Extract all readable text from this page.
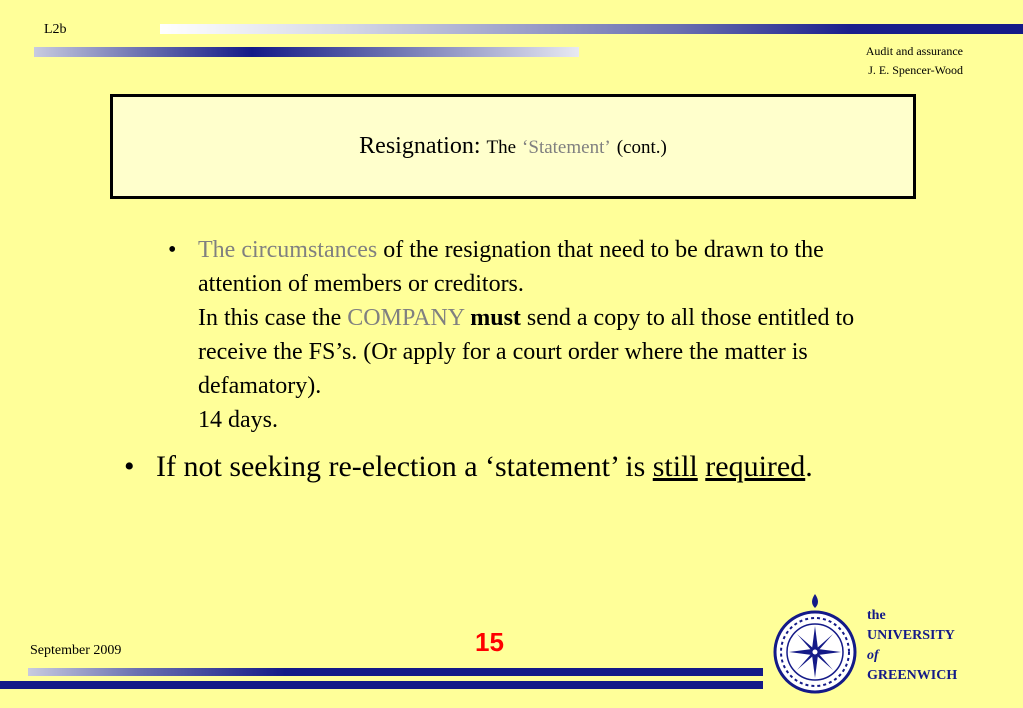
L2b
Audit and assurance
J. E. Spencer-Wood
Resignation: The ‘Statement’ (cont.)
• The circumstances of the resignation that need to be drawn to the attention of members or creditors.
In this case the COMPANY must send a copy to all those entitled to receive the FS’s. (Or apply for a court order where the matter is defamatory).
14 days.
• If not seeking re-election a ‘statement’ is still required.
September 2009	15
the
UNIVERSITY
of
GREENWICH
